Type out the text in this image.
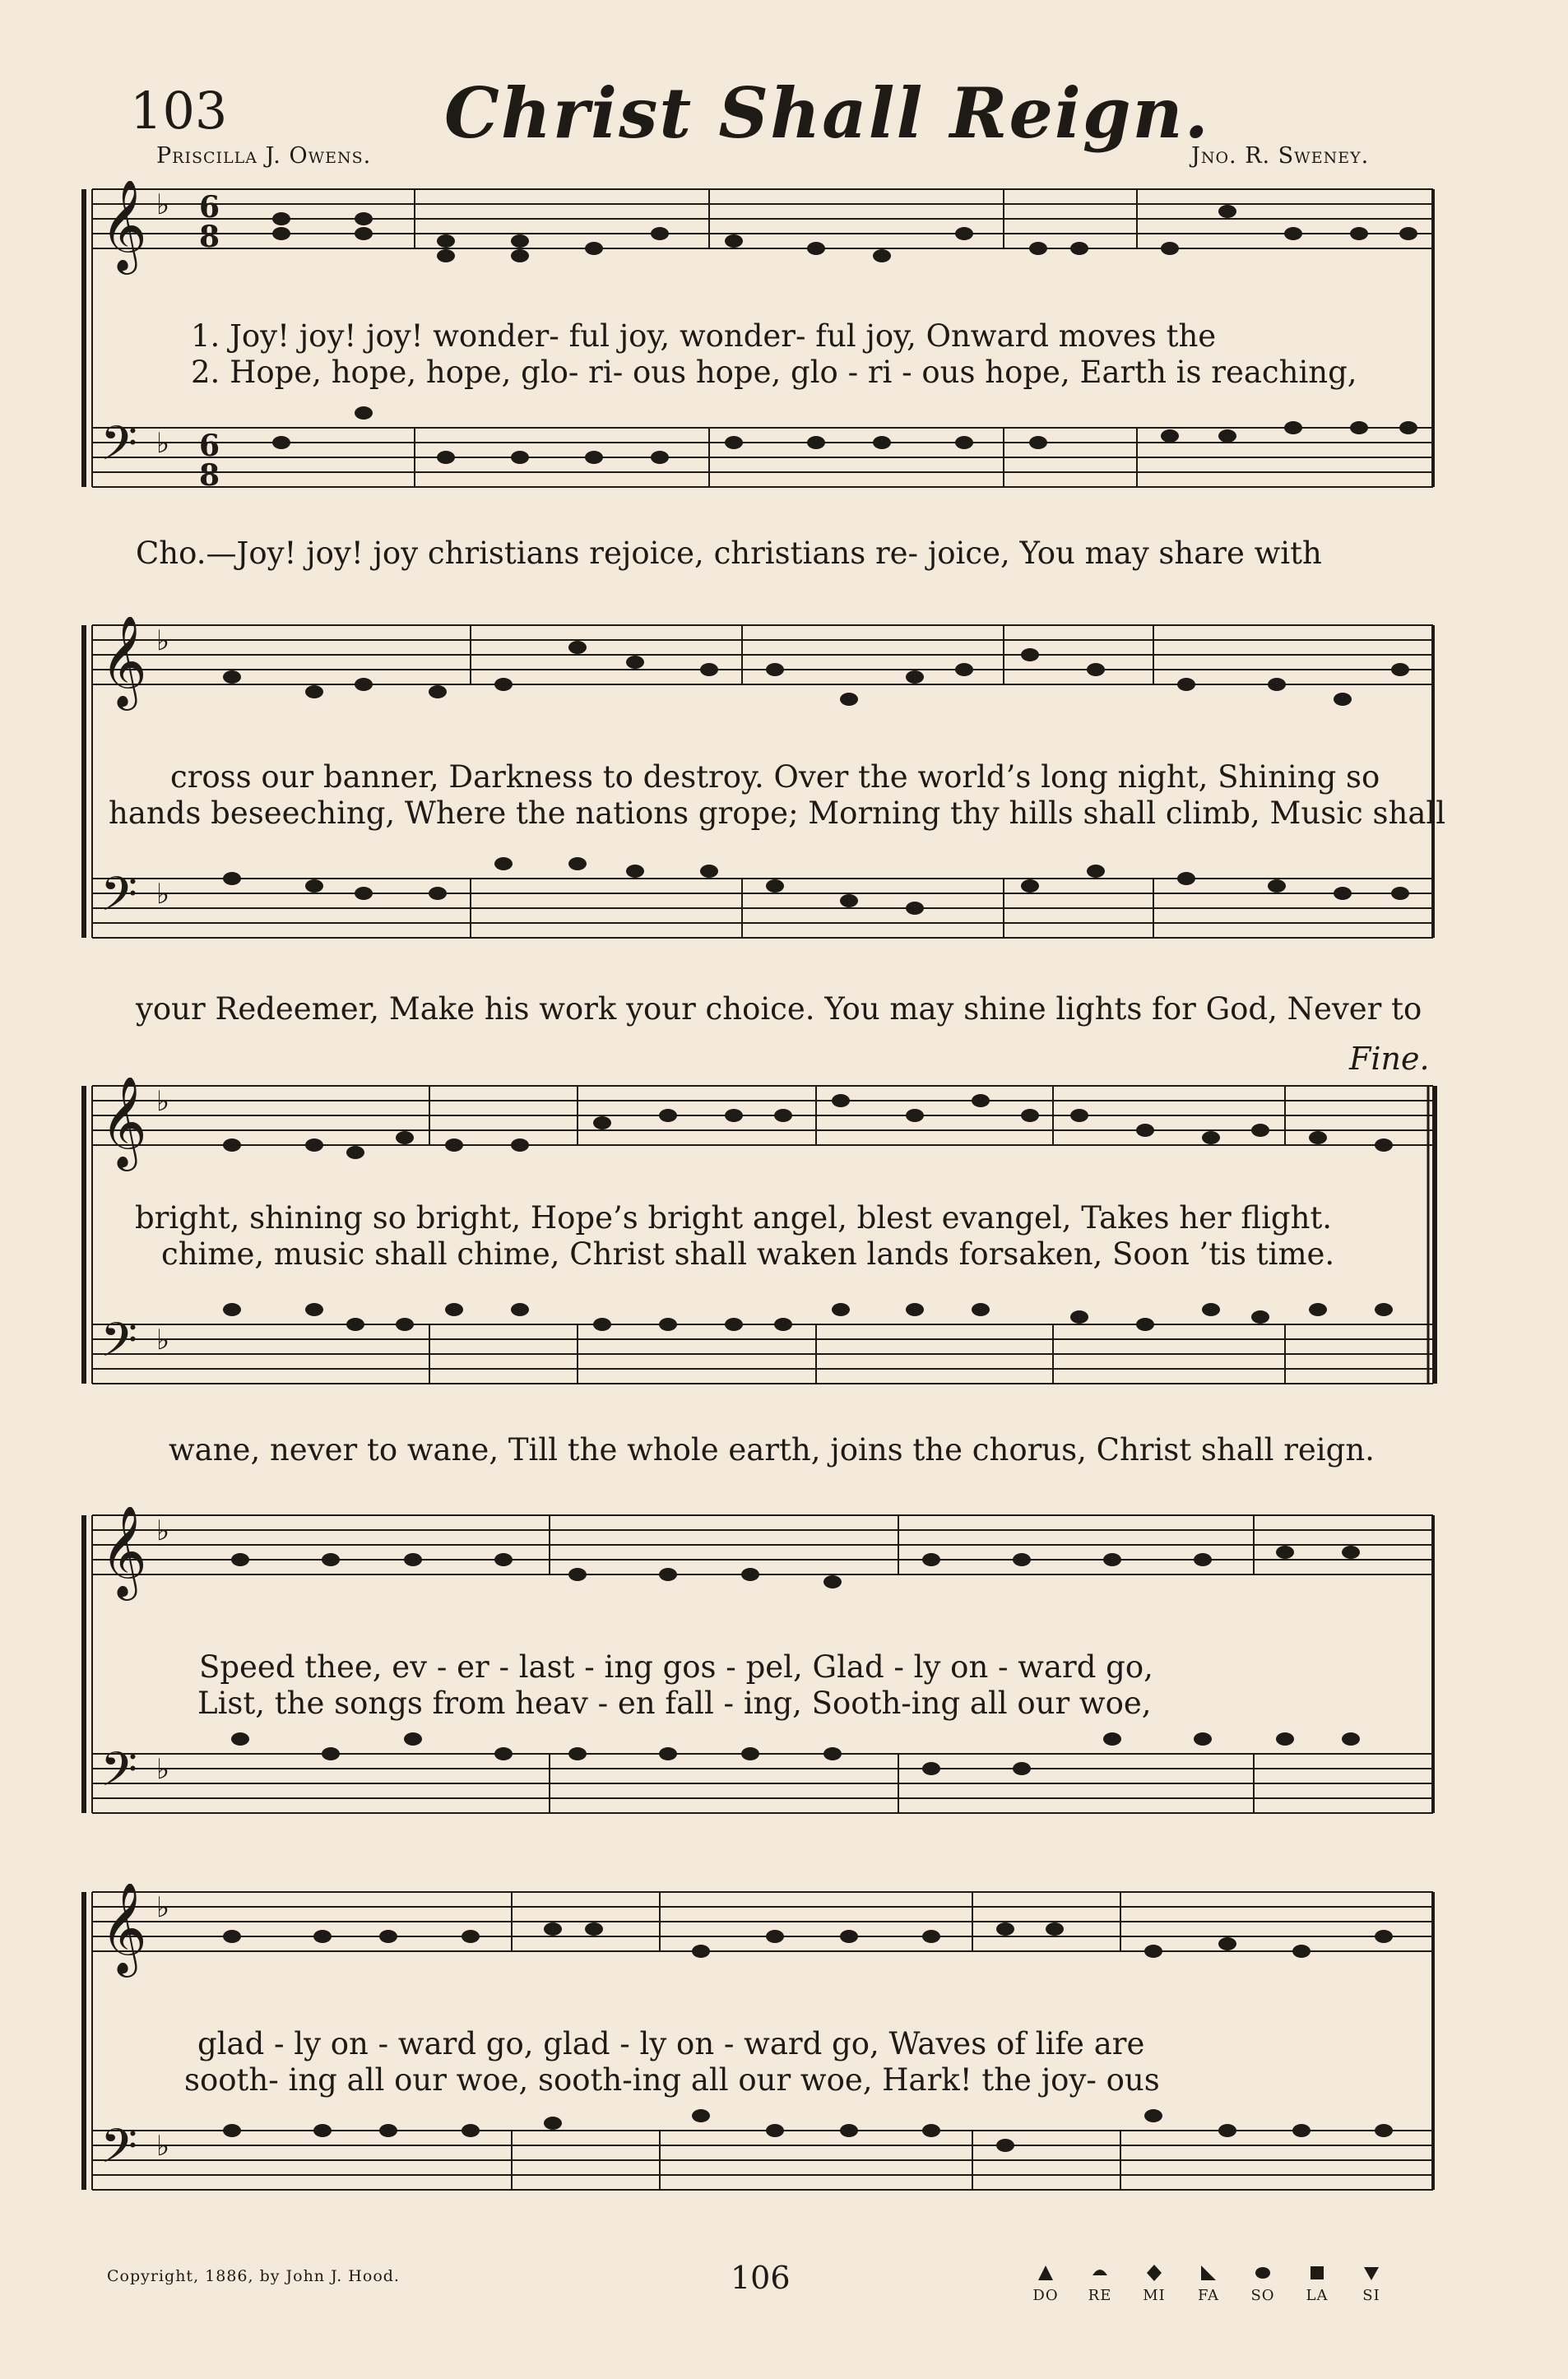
103	Christ Shall Reign.
Priscilla J. Owens.	Jno. R. Sweney.
𝄞
𝄢
♭
♭
6
8
6
8
1. Joy! joy! joy! wonder- ful joy, wonder- ful joy, Onward moves the
2. Hope, hope, hope, glo- ri- ous hope, glo - ri - ous hope, Earth is reaching,
Cho.—Joy! joy! joy christians rejoice, christians re- joice, You may share with
𝄞
𝄢
♭
♭
cross our banner, Darkness to destroy. Over the world’s long night, Shining so
hands beseeching, Where the nations grope; Morning thy hills shall climb, Music shall
your Redeemer, Make his work your choice. You may shine lights for God, Never to
Fine.
𝄞
𝄢
♭
♭
bright, shining so bright, Hope’s bright angel, blest evangel, Takes her flight.
chime, music shall chime, Christ shall waken lands forsaken, Soon ’tis time.
wane, never to wane, Till the whole earth, joins the chorus, Christ shall reign.
𝄞
𝄢
♭
♭
Speed thee, ev - er - last - ing gos - pel, Glad - ly on - ward go,
List, the songs from heav - en fall - ing, Sooth-ing all our woe,
𝄞
𝄢
♭
♭
glad - ly on - ward go, glad - ly on - ward go, Waves of life are
sooth- ing all our woe, sooth-ing all our woe, Hark! the joy- ous
Copyright, 1886, by John J. Hood.	106	DO	RE	MI	FA	SO	LA	SI
